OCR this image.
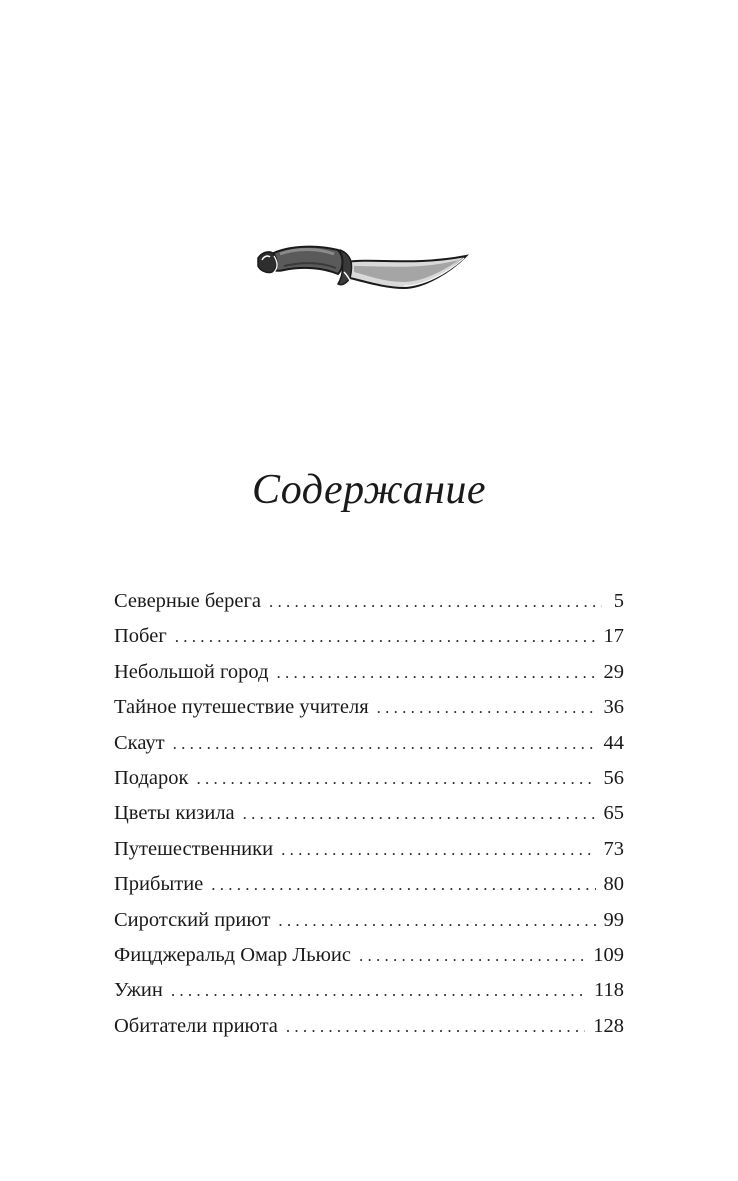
Содержание
Северные берега . . .	5
Побег . . .	17
Небольшой город . . .	29
Тайное путешествие учителя . . .	36
Скаут . . .	44
Подарок . . .	56
Цветы кизила . . .	65
Путешественники . . .	73
Прибытие . . .	80
Сиротский приют . . .	99
Фицджеральд Омар Льюис . . .	109
Ужин . . .	118
Обитатели приюта . . .	128
